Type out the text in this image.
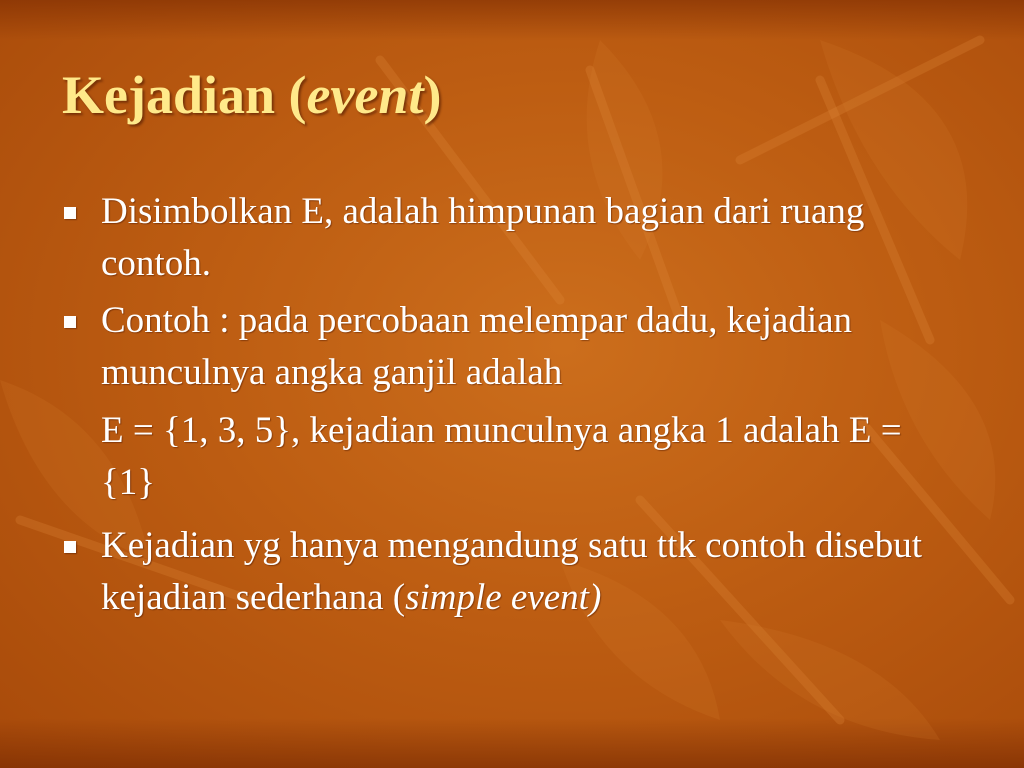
Kejadian (event)
Disimbolkan E, adalah himpunan bagian dari ruang contoh.
Contoh : pada percobaan melempar dadu, kejadian munculnya angka ganjil adalah
E = {1, 3, 5}, kejadian munculnya angka 1 adalah E = {1}
Kejadian yg hanya mengandung satu ttk contoh disebut kejadian sederhana (simple event)
